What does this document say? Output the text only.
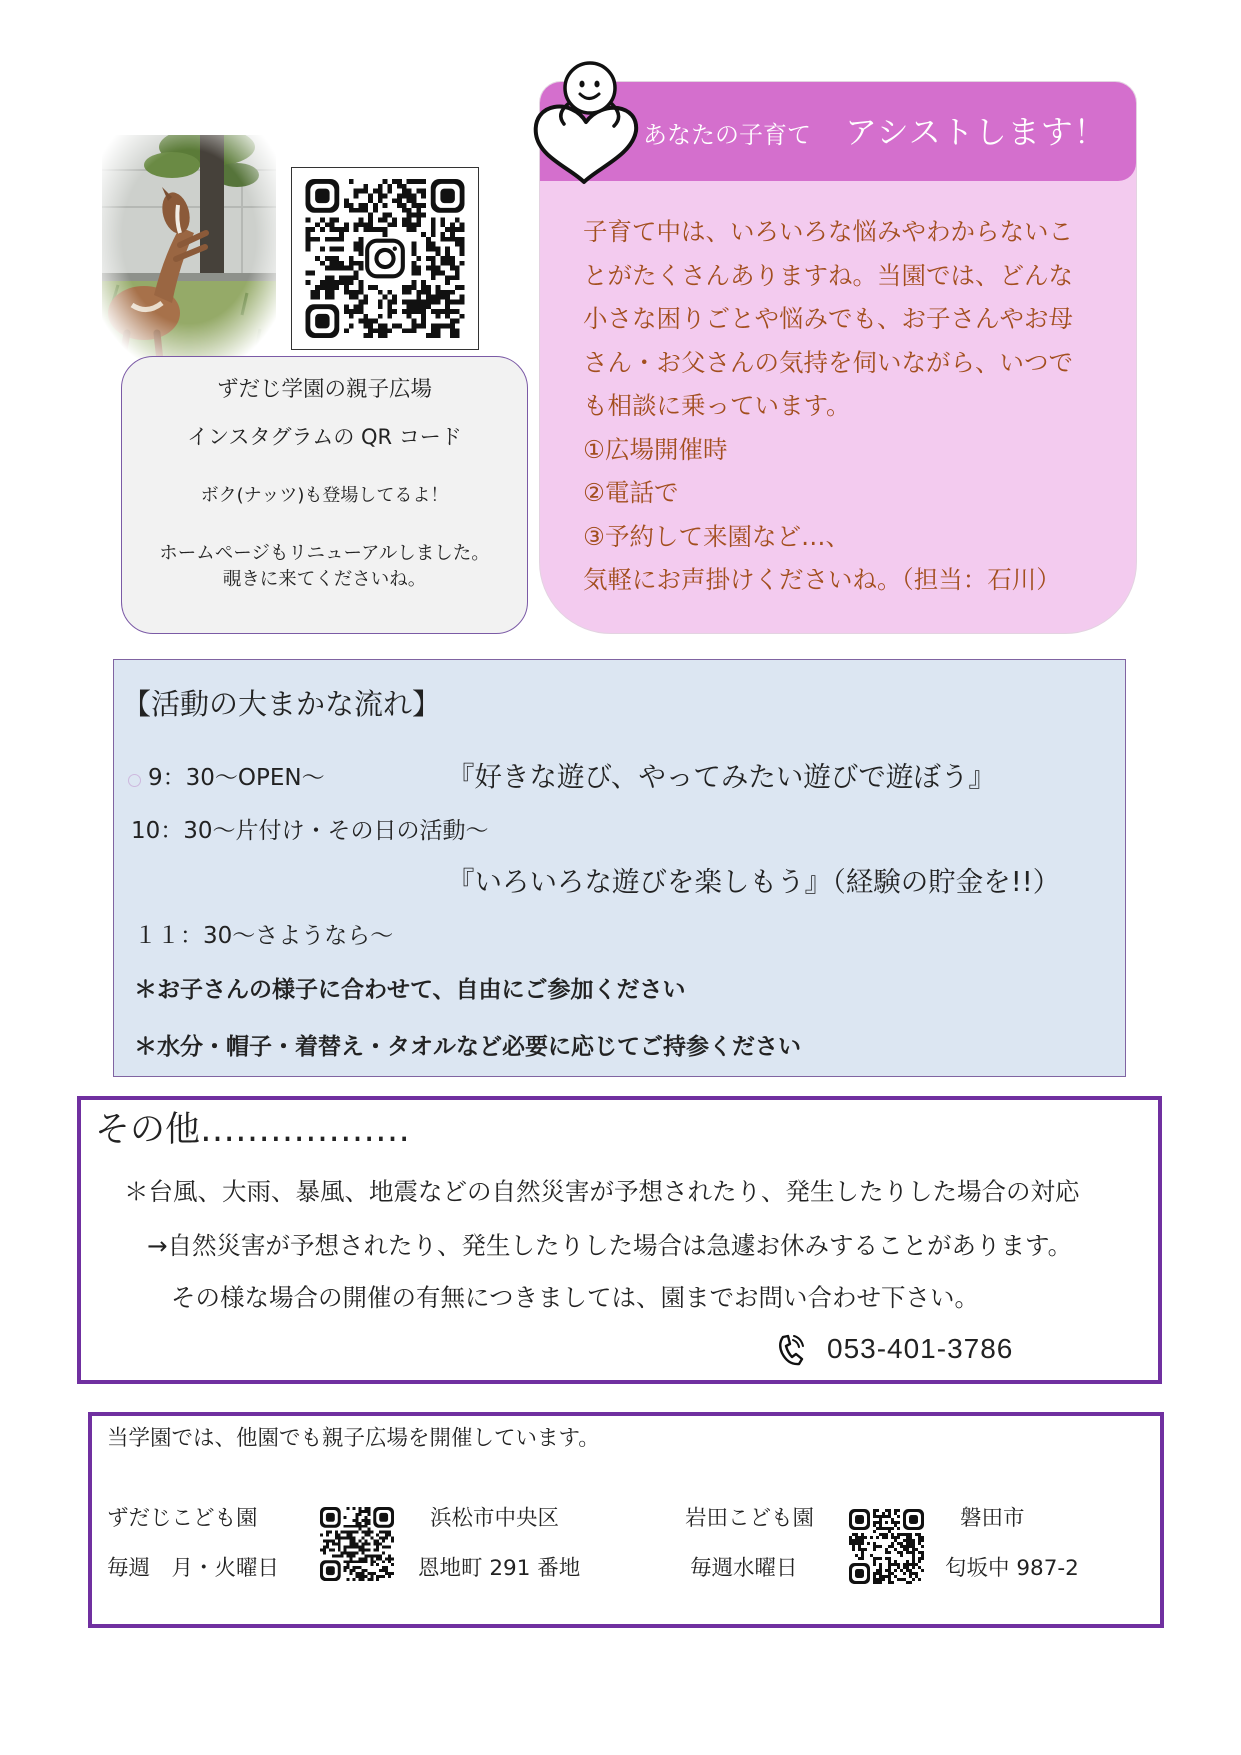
ずだじ学園の親子広場
インスタグラムの QR コード
ボク(ナッツ)も登場してるよ！
ホームページもリニューアルしました。
覗きに来てくださいね。
あなたの子育て アシストします！
子育て中は、いろいろな悩みやわからないこ
とがたくさんありますね。当園では、どんな
小さな困りごとや悩みでも、お子さんやお母
さん・お父さんの気持を伺いながら、いつで
も相談に乗っています。
①広場開催時
②電話で
③予約して来園など…、
気軽にお声掛けくださいね。（担当：石川）
【活動の大まかな流れ】
9：30～OPEN～	『好きな遊び、やってみたい遊びで遊ぼう』
10：30～片付け・その日の活動～
『いろいろな遊びを楽しもう』（経験の貯金を!!）
１１：30～さようなら～
＊お子さんの様子に合わせて、自由にご参加ください
＊水分・帽子・着替え・タオルなど必要に応じてご持参ください
その他………………
＊台風、大雨、暴風、地震などの自然災害が予想されたり、発生したりした場合の対応
→自然災害が予想されたり、発生したりした場合は急遽お休みすることがあります。
その様な場合の開催の有無につきましては、園までお問い合わせ下さい。
053-401-3786
当学園では、他園でも親子広場を開催しています。
ずだじこども園
毎週　月・火曜日
浜松市中央区
恩地町 291 番地
岩田こども園
毎週水曜日
磐田市
匂坂中 987-2
